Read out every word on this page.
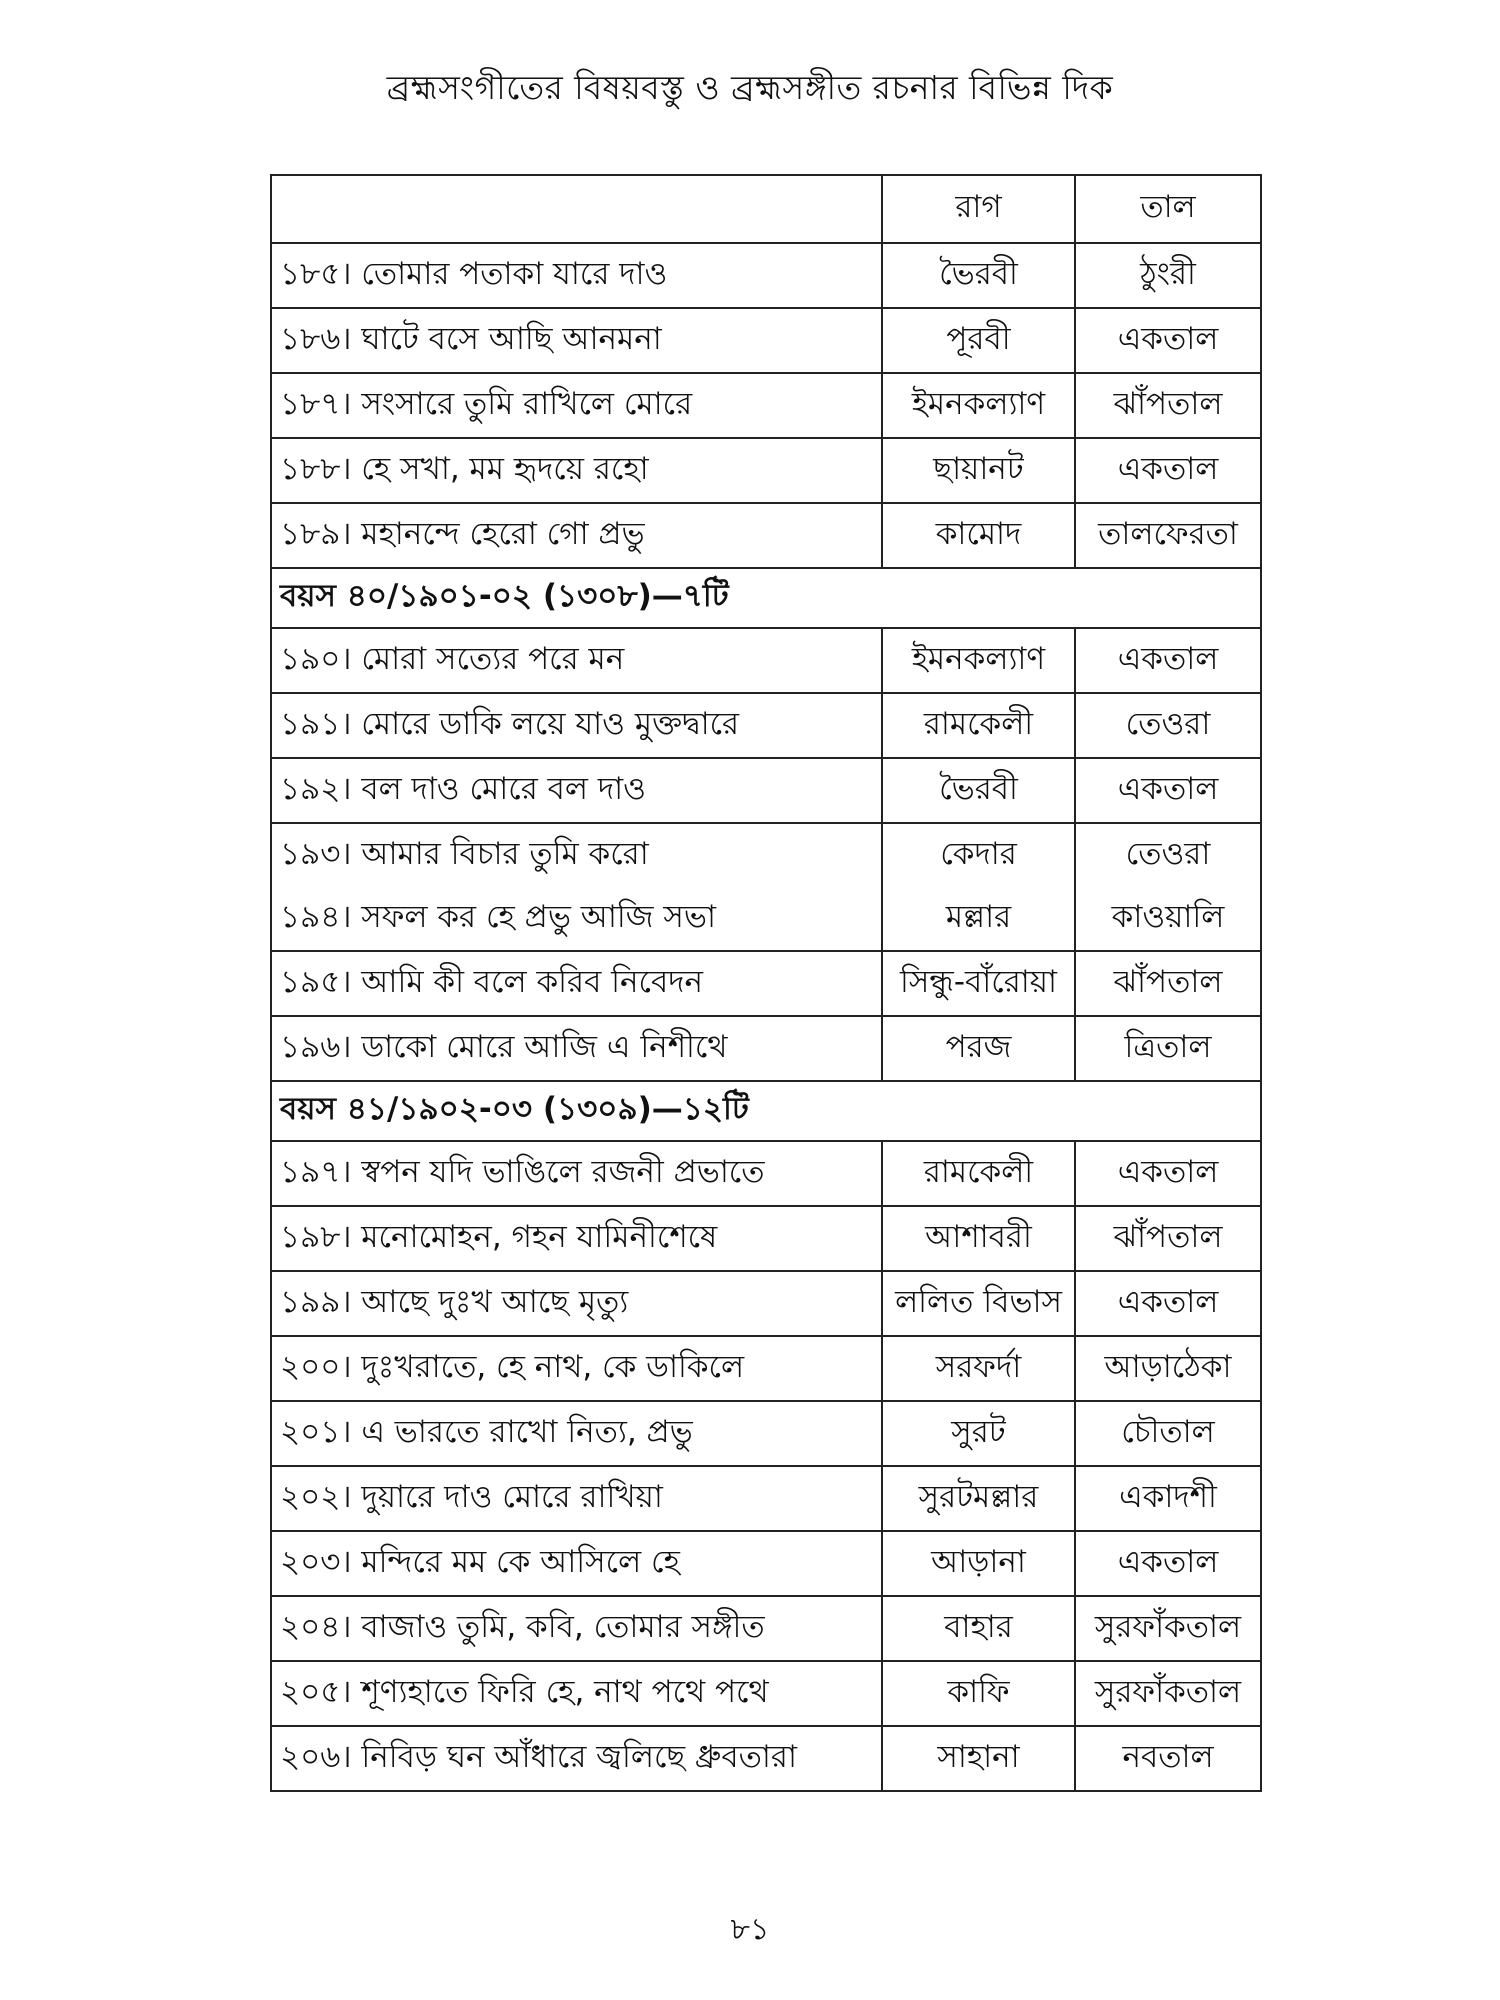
ব্রহ্মসংগীতের বিষয়বস্তু ও ব্রহ্মসঙ্গীত রচনার বিভিন্ন দিক
	রাগ	তাল
১৮৫। তোমার পতাকা যারে দাও	ভৈরবী	ঠুংরী
১৮৬। ঘাটে বসে আছি আনমনা	পূরবী	একতাল
১৮৭। সংসারে তুমি রাখিলে মোরে	ইমনকল্যাণ	ঝাঁপতাল
১৮৮। হে সখা, মম হৃদয়ে রহো	ছায়ানট	একতাল
১৮৯। মহানন্দে হেরো গো প্রভু	কামোদ	তালফেরতা
বয়স ৪০/১৯০১-০২ (১৩০৮)—৭টি		
১৯০। মোরা সত্যের পরে মন	ইমনকল্যাণ	একতাল
১৯১। মোরে ডাকি লয়ে যাও মুক্তদ্বারে	রামকেলী	তেওরা
১৯২। বল দাও মোরে বল দাও	ভৈরবী	একতাল
১৯৩। আমার বিচার তুমি করো	কেদার	তেওরা
১৯৪। সফল কর হে প্রভু আজি সভা	মল্লার	কাওয়ালি
১৯৫। আমি কী বলে করিব নিবেদন	সিন্ধু-বাঁরোয়া	ঝাঁপতাল
১৯৬। ডাকো মোরে আজি এ নিশীথে	পরজ	ত্রিতাল
বয়স ৪১/১৯০২-০৩ (১৩০৯)—১২টি		
১৯৭। স্বপন যদি ভাঙিলে রজনী প্রভাতে	রামকেলী	একতাল
১৯৮। মনোমোহন, গহন যামিনীশেষে	আশাবরী	ঝাঁপতাল
১৯৯। আছে দুঃখ আছে মৃত্যু	ললিত বিভাস	একতাল
২০০। দুঃখরাতে, হে নাথ, কে ডাকিলে	সরফর্দা	আড়াঠেকা
২০১। এ ভারতে রাখো নিত্য, প্রভু	সুরট	চৌতাল
২০২। দুয়ারে দাও মোরে রাখিয়া	সুরটমল্লার	একাদশী
২০৩। মন্দিরে মম কে আসিলে হে	আড়ানা	একতাল
২০৪। বাজাও তুমি, কবি, তোমার সঙ্গীত	বাহার	সুরফাঁকতাল
২০৫। শূণ্যহাতে ফিরি হে, নাথ পথে পথে	কাফি	সুরফাঁকতাল
২০৬। নিবিড় ঘন আঁধারে জ্বলিছে ধ্রুবতারা	সাহানা	নবতাল
৮১
